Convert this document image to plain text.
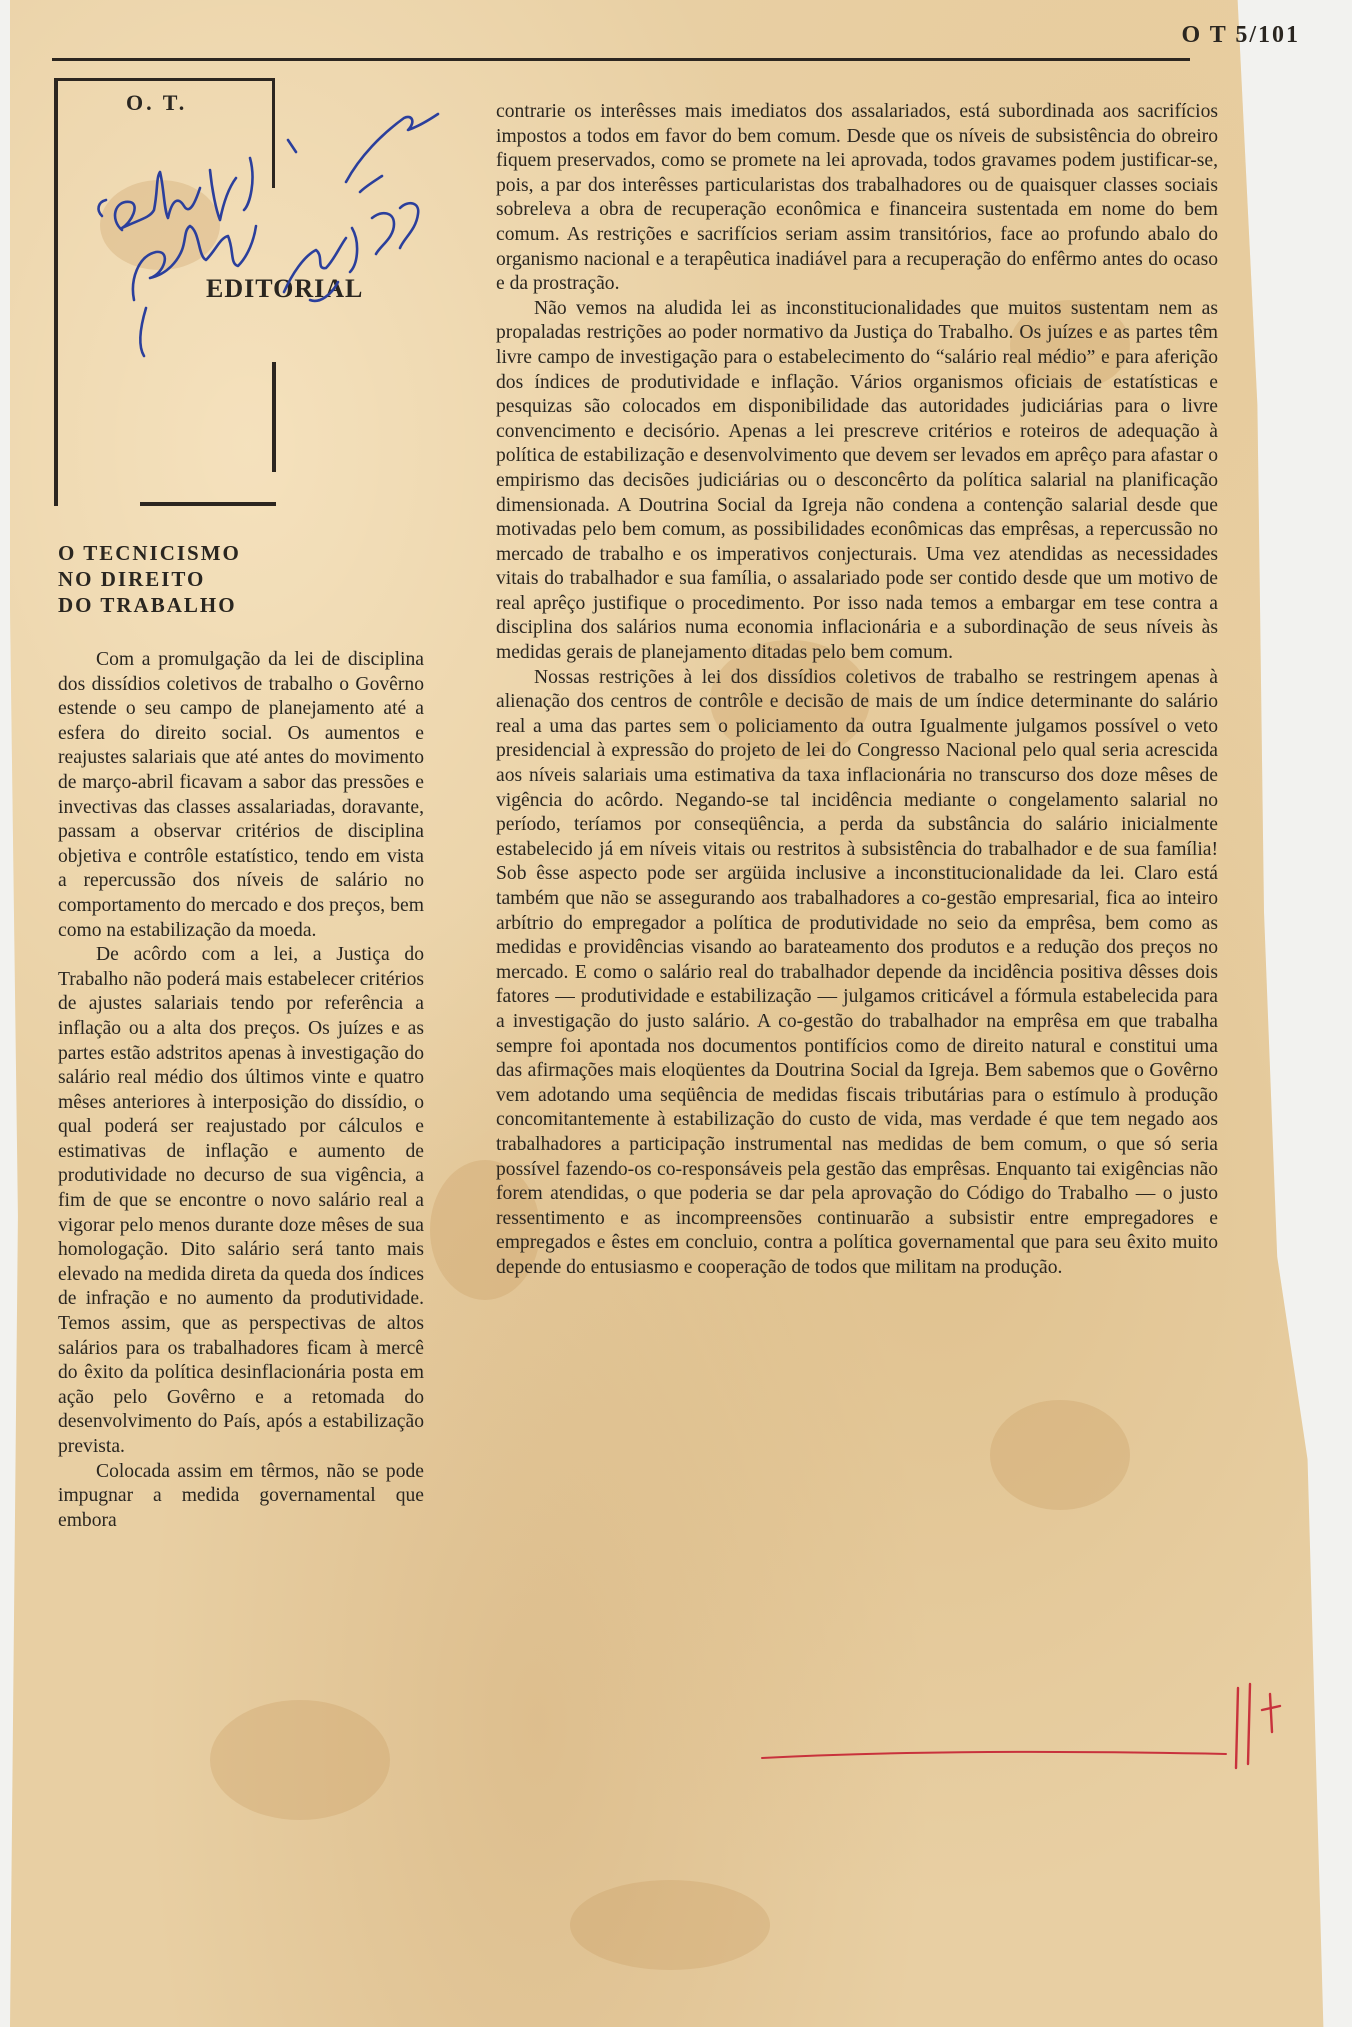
O T 5/101
O. T.
EDITORIAL
O TECNICISMO
NO DIREITO
DO TRABALHO

Com a promulgação da lei de disciplina dos dissídios coletivos de trabalho o Govêrno estende o seu campo de planejamento até a esfera do direito social. Os aumentos e reajustes salariais que até antes do movimento de março-abril ficavam a sabor das pressões e invectivas das classes assalariadas, doravante, passam a observar critérios de disciplina objetiva e contrôle estatístico, tendo em vista a repercussão dos níveis de salário no comportamento do mercado e dos preços, bem como na estabilização da moeda.

De acôrdo com a lei, a Justiça do Trabalho não poderá mais estabelecer critérios de ajustes salariais tendo por referência a inflação ou a alta dos preços. Os juízes e as partes estão adstritos apenas à investigação do salário real médio dos últimos vinte e quatro mêses anteriores à interposição do dissídio, o qual poderá ser reajustado por cálculos e estimativas de inflação e aumento de produtividade no decurso de sua vigência, a fim de que se encontre o novo salário real a vigorar pelo menos durante doze mêses de sua homologação. Dito salário será tanto mais elevado na medida direta da queda dos índices de infração e no aumento da produtividade. Temos assim, que as perspectivas de altos salários para os trabalhadores ficam à mercê do êxito da política desinflacionária posta em ação pelo Govêrno e a retomada do desenvolvimento do País, após a estabilização prevista.

Colocada assim em têrmos, não se pode impugnar a medida governamental que embora

contrarie os interêsses mais imediatos dos assalariados, está subordinada aos sacrifícios impostos a todos em favor do bem comum. Desde que os níveis de subsistência do obreiro fiquem preservados, como se promete na lei aprovada, todos gravames podem justificar-se, pois, a par dos interêsses particularistas dos trabalhadores ou de quaisquer classes sociais sobreleva a obra de recuperação econômica e financeira sustentada em nome do bem comum. As restrições e sacrifícios seriam assim transitórios, face ao profundo abalo do organismo nacional e a terapêutica inadiável para a recuperação do enfêrmo antes do ocaso e da prostração.

Não vemos na aludida lei as inconstitucionalidades que muitos sustentam nem as propaladas restrições ao poder normativo da Justiça do Trabalho. Os juízes e as partes têm livre campo de investigação para o estabelecimento do “salário real médio” e para aferição dos índices de produtividade e inflação. Vários organismos oficiais de estatísticas e pesquizas são colocados em disponibilidade das autoridades judiciárias para o livre convencimento e decisório. Apenas a lei prescreve critérios e roteiros de adequação à política de estabilização e desenvolvimento que devem ser levados em aprêço para afastar o empirismo das decisões judiciárias ou o desconcêrto da política salarial na planificação dimensionada. A Doutrina Social da Igreja não condena a contenção salarial desde que motivadas pelo bem comum, as possibilidades econômicas das emprêsas, a repercussão no mercado de trabalho e os imperativos conjecturais. Uma vez atendidas as necessidades vitais do trabalhador e sua família, o assalariado pode ser contido desde que um motivo de real aprêço justifique o procedimento. Por isso nada temos a embargar em tese contra a disciplina dos salários numa economia inflacionária e a subordinação de seus níveis às medidas gerais de planejamento ditadas pelo bem comum.

Nossas restrições à lei dos dissídios coletivos de trabalho se restringem apenas à alienação dos centros de contrôle e decisão de mais de um índice determinante do salário real a uma das partes sem o policiamento da outra Igualmente julgamos possível o veto presidencial à expressão do projeto de lei do Congresso Nacional pelo qual seria acrescida aos níveis salariais uma estimativa da taxa inflacionária no transcurso dos doze mêses de vigência do acôrdo. Negando-se tal incidência mediante o congelamento salarial no período, teríamos por conseqüência, a perda da substância do salário inicialmente estabelecido já em níveis vitais ou restritos à subsistência do trabalhador e de sua família! Sob êsse aspecto pode ser argüida inclusive a inconstitucionalidade da lei. Claro está também que não se assegurando aos trabalhadores a co-gestão empresarial, fica ao inteiro arbítrio do empregador a política de produtividade no seio da emprêsa, bem como as medidas e providências visando ao barateamento dos produtos e a redução dos preços no mercado. E como o salário real do trabalhador depende da incidência positiva dêsses dois fatores — produtividade e estabilização — julgamos criticável a fórmula estabelecida para a investigação do justo salário. A co-gestão do trabalhador na emprêsa em que trabalha sempre foi apontada nos documentos pontifícios como de direito natural e constitui uma das afirmações mais eloqüentes da Doutrina Social da Igreja. Bem sabemos que o Govêrno vem adotando uma seqüência de medidas fiscais tributárias para o estímulo à produção concomitantemente à estabilização do custo de vida, mas verdade é que tem negado aos trabalhadores a participação instrumental nas medidas de bem comum, o que só seria possível fazendo-os co-responsáveis pela gestão das emprêsas. Enquanto tai exigências não forem atendidas, o que poderia se dar pela aprovação do Código do Trabalho — o justo ressentimento e as incompreensões continuarão a subsistir entre empregadores e empregados e êstes em concluio, contra a política governamental que para seu êxito muito depende do entusiasmo e cooperação de todos que militam na produção.
